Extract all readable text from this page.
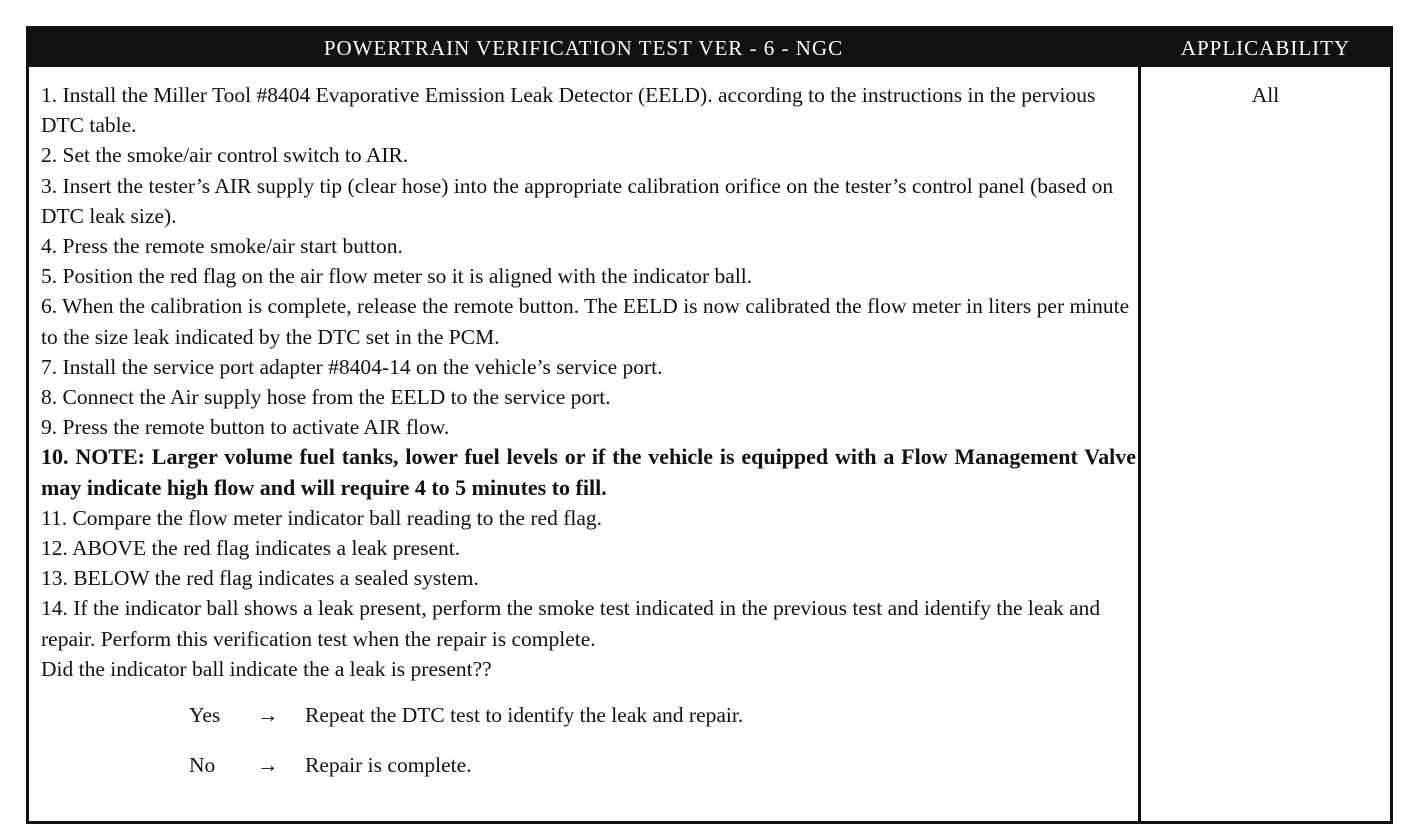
POWERTRAIN VERIFICATION TEST VER - 6 - NGC	APPLICABILITY

1. Install the Miller Tool #8404 Evaporative Emission Leak Detector (EELD). according to the instructions in the pervious DTC table.

2. Set the smoke/air control switch to AIR.

3. Insert the tester’s AIR supply tip (clear hose) into the appropriate calibration orifice on the tester’s control panel (based on DTC leak size).

4. Press the remote smoke/air start button.

5. Position the red flag on the air flow meter so it is aligned with the indicator ball.

6. When the calibration is complete, release the remote button. The EELD is now calibrated the flow meter in liters per minute to the size leak indicated by the DTC set in the PCM.

7. Install the service port adapter #8404-14 on the vehicle’s service port.

8. Connect the Air supply hose from the EELD to the service port.

9. Press the remote button to activate AIR flow.

10. NOTE: Larger volume fuel tanks, lower fuel levels or if the vehicle is equipped with a Flow Management Valve may indicate high flow and will require 4 to 5 minutes to fill.

11. Compare the flow meter indicator ball reading to the red flag.

12. ABOVE the red flag indicates a leak present.

13. BELOW the red flag indicates a sealed system.

14. If the indicator ball shows a leak present, perform the smoke test indicated in the previous test and identify the leak and repair. Perform this verification test when the repair is complete.

Did the indicator ball indicate the a leak is present??

Yes	→	Repeat the DTC test to identify the leak and repair.
No	→	Repair is complete.
All
